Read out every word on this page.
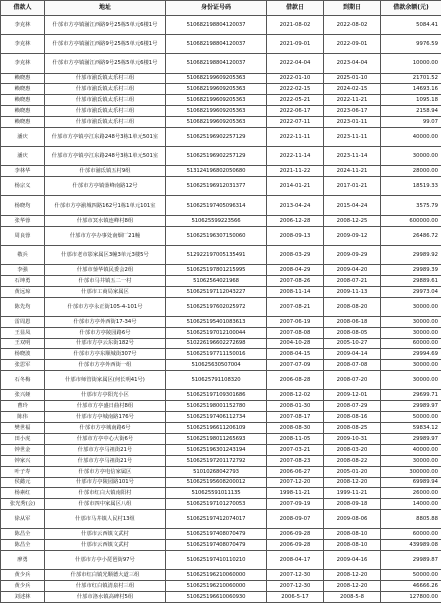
借款人	地址	身份证号码	借款日	到期日	借款余额(元)
李克林	什邡市方亭镇湔江西路9号25栋5单元6楼1号	510682198804120037	2021-08-02	2022-08-02	5084.41
李克林	什邡市方亭镇湔江西路9号25栋5单元6楼1号	510682198804120037	2021-09-01	2022-09-01	9976.59
李克林	什邡市方亭镇湔江西路9号25栋5单元6楼1号	510682198804120037	2022-04-04	2023-04-04	10000.00
赖晓惠	什邡市湔氐镇太乐村三组	510682199609205363	2022-01-10	2025-01-10	21701.52
赖晓惠	什邡市湔氐镇太乐村三组	510682199609205363	2022-02-15	2024-02-15	14693.16
赖晓惠	什邡市湔氐镇太乐村三组	510682199609205363	2022-05-21	2022-11-21	1095.18
赖晓惠	什邡市湔氐镇太乐村三组	510682199609205363	2022-06-17	2023-06-17	2158.94
赖晓惠	什邡市湔氐镇太乐村三组	510682199609205363	2022-07-11	2023-01-11	99.07
潘庆	什邡市方亭镇亭江东路248号3栋1单元501室	510625196902257129	2022-11-11	2023-11-11	40000.00
潘庆	什邡市方亭镇亭江东路248号3栋1单元501室	510625196902257129	2022-11-14	2023-11-14	30000.00
李林华	什邡市湔氐镇五村9组	513124196802050680	2021-11-22	2024-11-21	28000.00
杨宗义	什邡市方亭镇蓥峰南路12号	510625196912031377	2014-01-21	2017-01-21	18519.33
杨晓均	什邡市方亭湔城四路162号1栋1单元101室	510625197405096314	2013-04-24	2015-04-24	3575.79
张华蓉	什邡市冥水镇连峰村8组	510625599223566	2006-12-28	2008-12-25	600000.00
周良蓉	什邡市方亭办事处南烟厂21幢	510625196307150060	2008-09-13	2009-09-12	26486.72
敬兵	什邡市老市影家属区3幢3单元3楼5号	512922197005135491	2008-03-29	2009-09-29	29989.92
李强	什邡市蓥华镇民委会2组	510625197801215995	2008-04-29	2009-04-20	29989.39
石坤勇	什邡市马井镇五二一村	51062564021968	2007-08-26	2008-07-21	29889.61
黄远琼	什邡市工商局家属区	510625197112043227	2008-11-14	2009-11-13	29973.04
陈先均	什邡市方亭永正街105-4-101号	510625197602025972	2007-08-21	2008-08-20	30000.00
雷周恩	什邡市方亭外西街17-34号	510625195401083613	2007-06-19	2008-06-18	30000.00
王显凤	什邡市方亭陵园路6号	510625197012100044	2007-08-08	2008-08-05	30000.00
王双明	什邡市方亭云东街182号	510226196602272698	2004-10-28	2005-10-27	60000.00
杨晓波	什邡市方亭东顺城街307号	510625197711150016	2008-04-15	2009-04-14	29994.69
张思军	什邡市方亭外西街一组	510625630507004	2007-07-09	2008-07-08	30000.00
石冬梅	什邡市师管街家属区(何长明41号)	510625791108320	2006-08-28	2008-07-20	30000.00
张兴娅	什邡市方亭阳光小区	510625197109301686	2008-12-02	2009-12-01	29699.71
曹玲	什邡市方亭盛日曲村8组	510625198001152780	2008-01-30	2008-07-29	29989.97
陈伟	什邡市方亭城南路176号	510625197406112734	2007-08-17	2008-08-16	50000.00
樊世福	什邡市方亭城南路6号	510625196611206109	2008-08-30	2008-08-25	59834.12
田小虎	什邡市方亭中心大街6号	510625198011265693	2008-11-05	2009-10-31	29989.97
钟世金	什邡市方亭马祖街21号	510625196301243194	2007-03-21	2008-03-20	40000.00
钟家兴	什邡市方亭马祖街21号	510625197201172792	2007-08-23	2008-08-22	30000.00
叶子寿	什邡市方亭电信家属区	51010268042793	2006-06-27	2005-01-20	300000.00
侯懿元	什邡市方亭陵园路101号	510625195608200012	2007-12-20	2008-12-20	69989.94
杨素红	什邡市红白大镇南阳村	510625591011135	1998-11-21	1999-11-21	26000.00
张光秀(会)	什邡市四中家属区八组	510625197101270053	2007-09-19	2008-09-18	14000.00
徐从军	什邡市马井镇人民村13组	510625197412074017	2008-09-07	2009-08-06	8805.88
陈昌全	什邡市云西镇文武村	510625197408070479	2006-09-28	2008-08-10	60000.00
陈昌全	什邡市云西镇文武村	510625197408070479	2006-09-28	2008-08-10	439989.08
廖勇	什邡市方亭小琵琶街97号	510625197410110210	2008-04-17	2009-04-16	29989.87
黄少兵	什邡市红白镇光顺德大道三组	510625196210060000	2007-12-30	2008-12-20	50000.00
黄少兵	什邡市红白镇清泉村三组	510625196210060000	2007-12-30	2008-12-20	46666.26
刘述林	什邡市洛水镇高碑村5组	510625196610060930	2006-5-17	2008-5-8	127800.00
